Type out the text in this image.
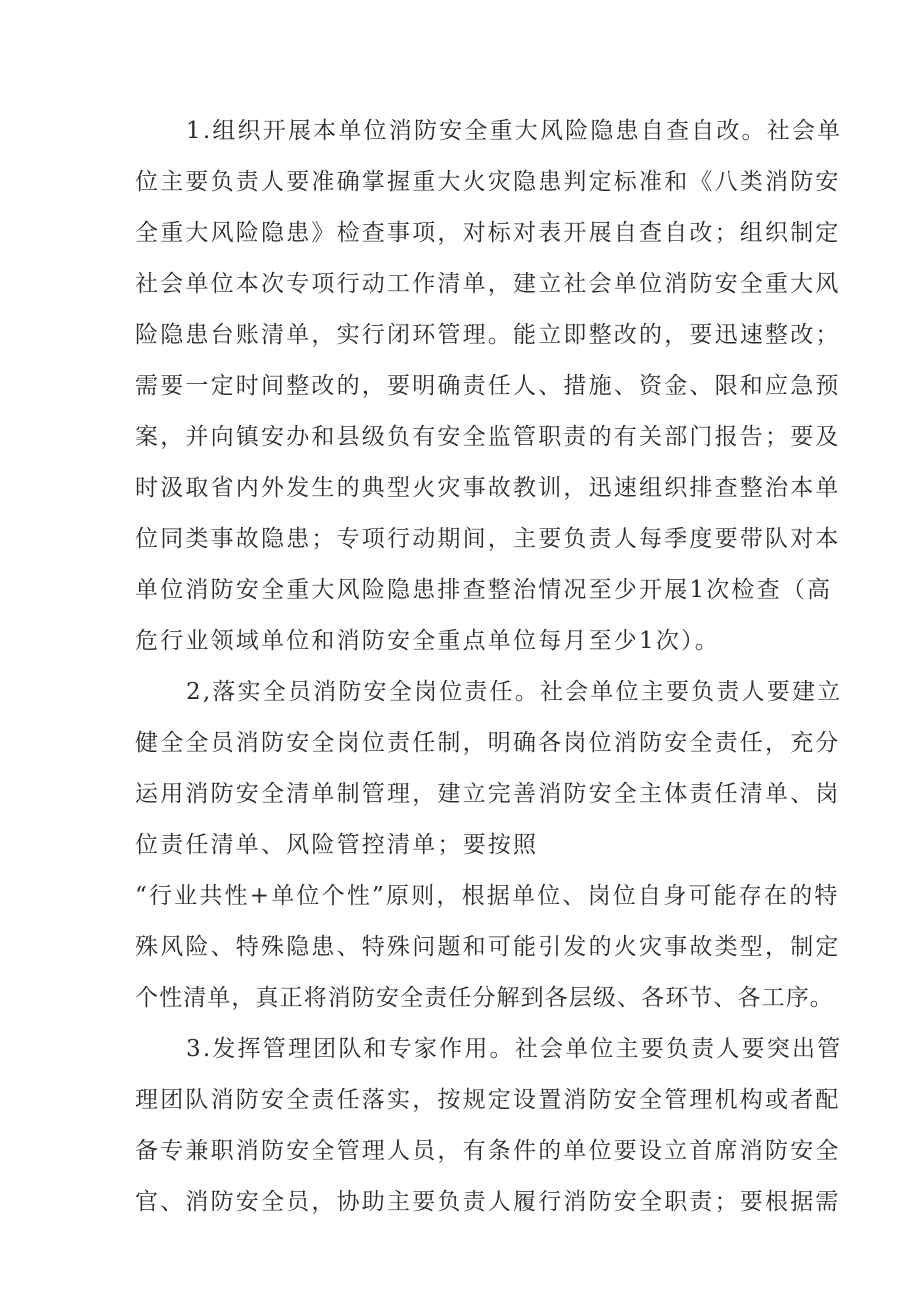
1.组织开展本单位消防安全重大风险隐患自查自改。社会单
位主要负责人要准确掌握重大火灾隐患判定标准和《八类消防安
全重大风险隐患》检查事项，对标对表开展自查自改；组织制定
社会单位本次专项行动工作清单，建立社会单位消防安全重大风
险隐患台账清单，实行闭环管理。能立即整改的，要迅速整改；
需要一定时间整改的，要明确责任人、措施、资金、限和应急预
案，并向镇安办和县级负有安全监管职责的有关部门报告；要及
时汲取省内外发生的典型火灾事故教训，迅速组织排查整治本单
位同类事故隐患；专项行动期间，主要负责人每季度要带队对本
单位消防安全重大风险隐患排查整治情况至少开展1次检查（高
危行业领域单位和消防安全重点单位每月至少1次）。
2,落实全员消防安全岗位责任。社会单位主要负责人要建立
健全全员消防安全岗位责任制，明确各岗位消防安全责任，充分
运用消防安全清单制管理，建立完善消防安全主体责任清单、岗
位责任清单、风险管控清单；要按照
“行业共性+单位个性”原则，根据单位、岗位自身可能存在的特
殊风险、特殊隐患、特殊问题和可能引发的火灾事故类型，制定
个性清单，真正将消防安全责任分解到各层级、各环节、各工序。
3.发挥管理团队和专家作用。社会单位主要负责人要突出管
理团队消防安全责任落实，按规定设置消防安全管理机构或者配
备专兼职消防安全管理人员，有条件的单位要设立首席消防安全
官、消防安全员，协助主要负责人履行消防安全职责；要根据需
